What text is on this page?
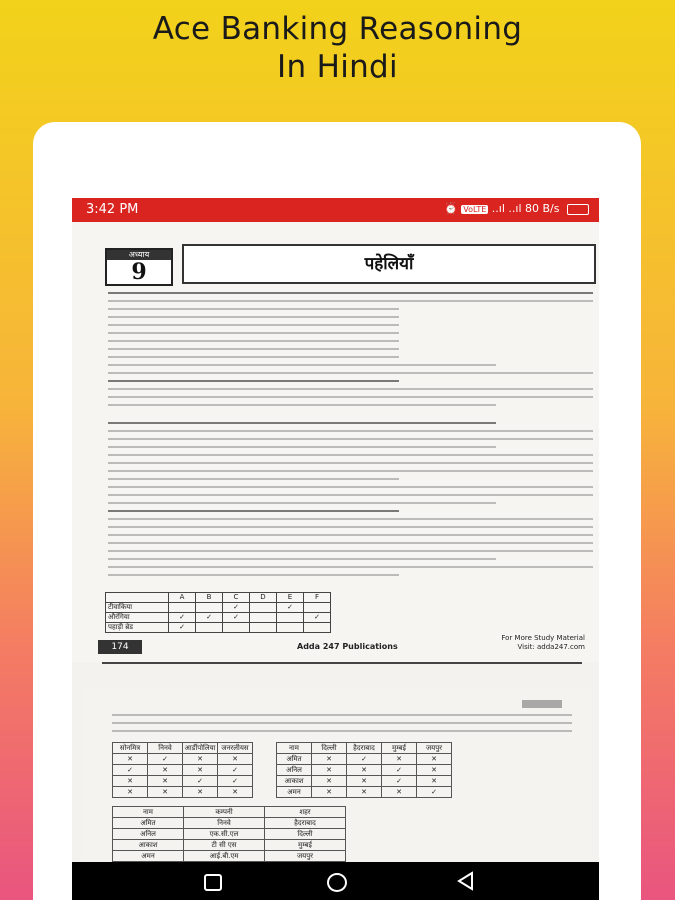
Ace Banking Reasoning
In Hindi
3:42 PM	⏰ VoLTE ..ıl ..ıl 80 B/s
अध्याय
9	पहेलियाँ
	A	B	C	D	E	F
टीवाकिया			✓		✓	
औरंगिया	✓	✓	✓			✓
पहाड़ी ब्रेड	✓					
174	Adda 247 Publications
For More Study Material
Visit: adda247.com
सोनमित्र	निनवे	आर्डीपोलिया	जनरलीयस
✕	✓	✕	✕
✓	✕	✕	✓
✕	✕	✓	✓
✕	✕	✕	✕
नाम	दिल्ली	हैदराबाद	मुम्बई	जयपुर
अमित	✕	✓	✕	✕
अनिल	✕	✕	✓	✕
आकाश	✕	✕	✓	✕
अमन	✕	✕	✕	✓
नाम	कम्पनी	शहर
अमित	निनवे	हैदराबाद
अनिल	एक.सी.एल	दिल्ली
आकाश	टी सी एस	मुम्बई
अमन	आई.बी.एम	जयपुर
